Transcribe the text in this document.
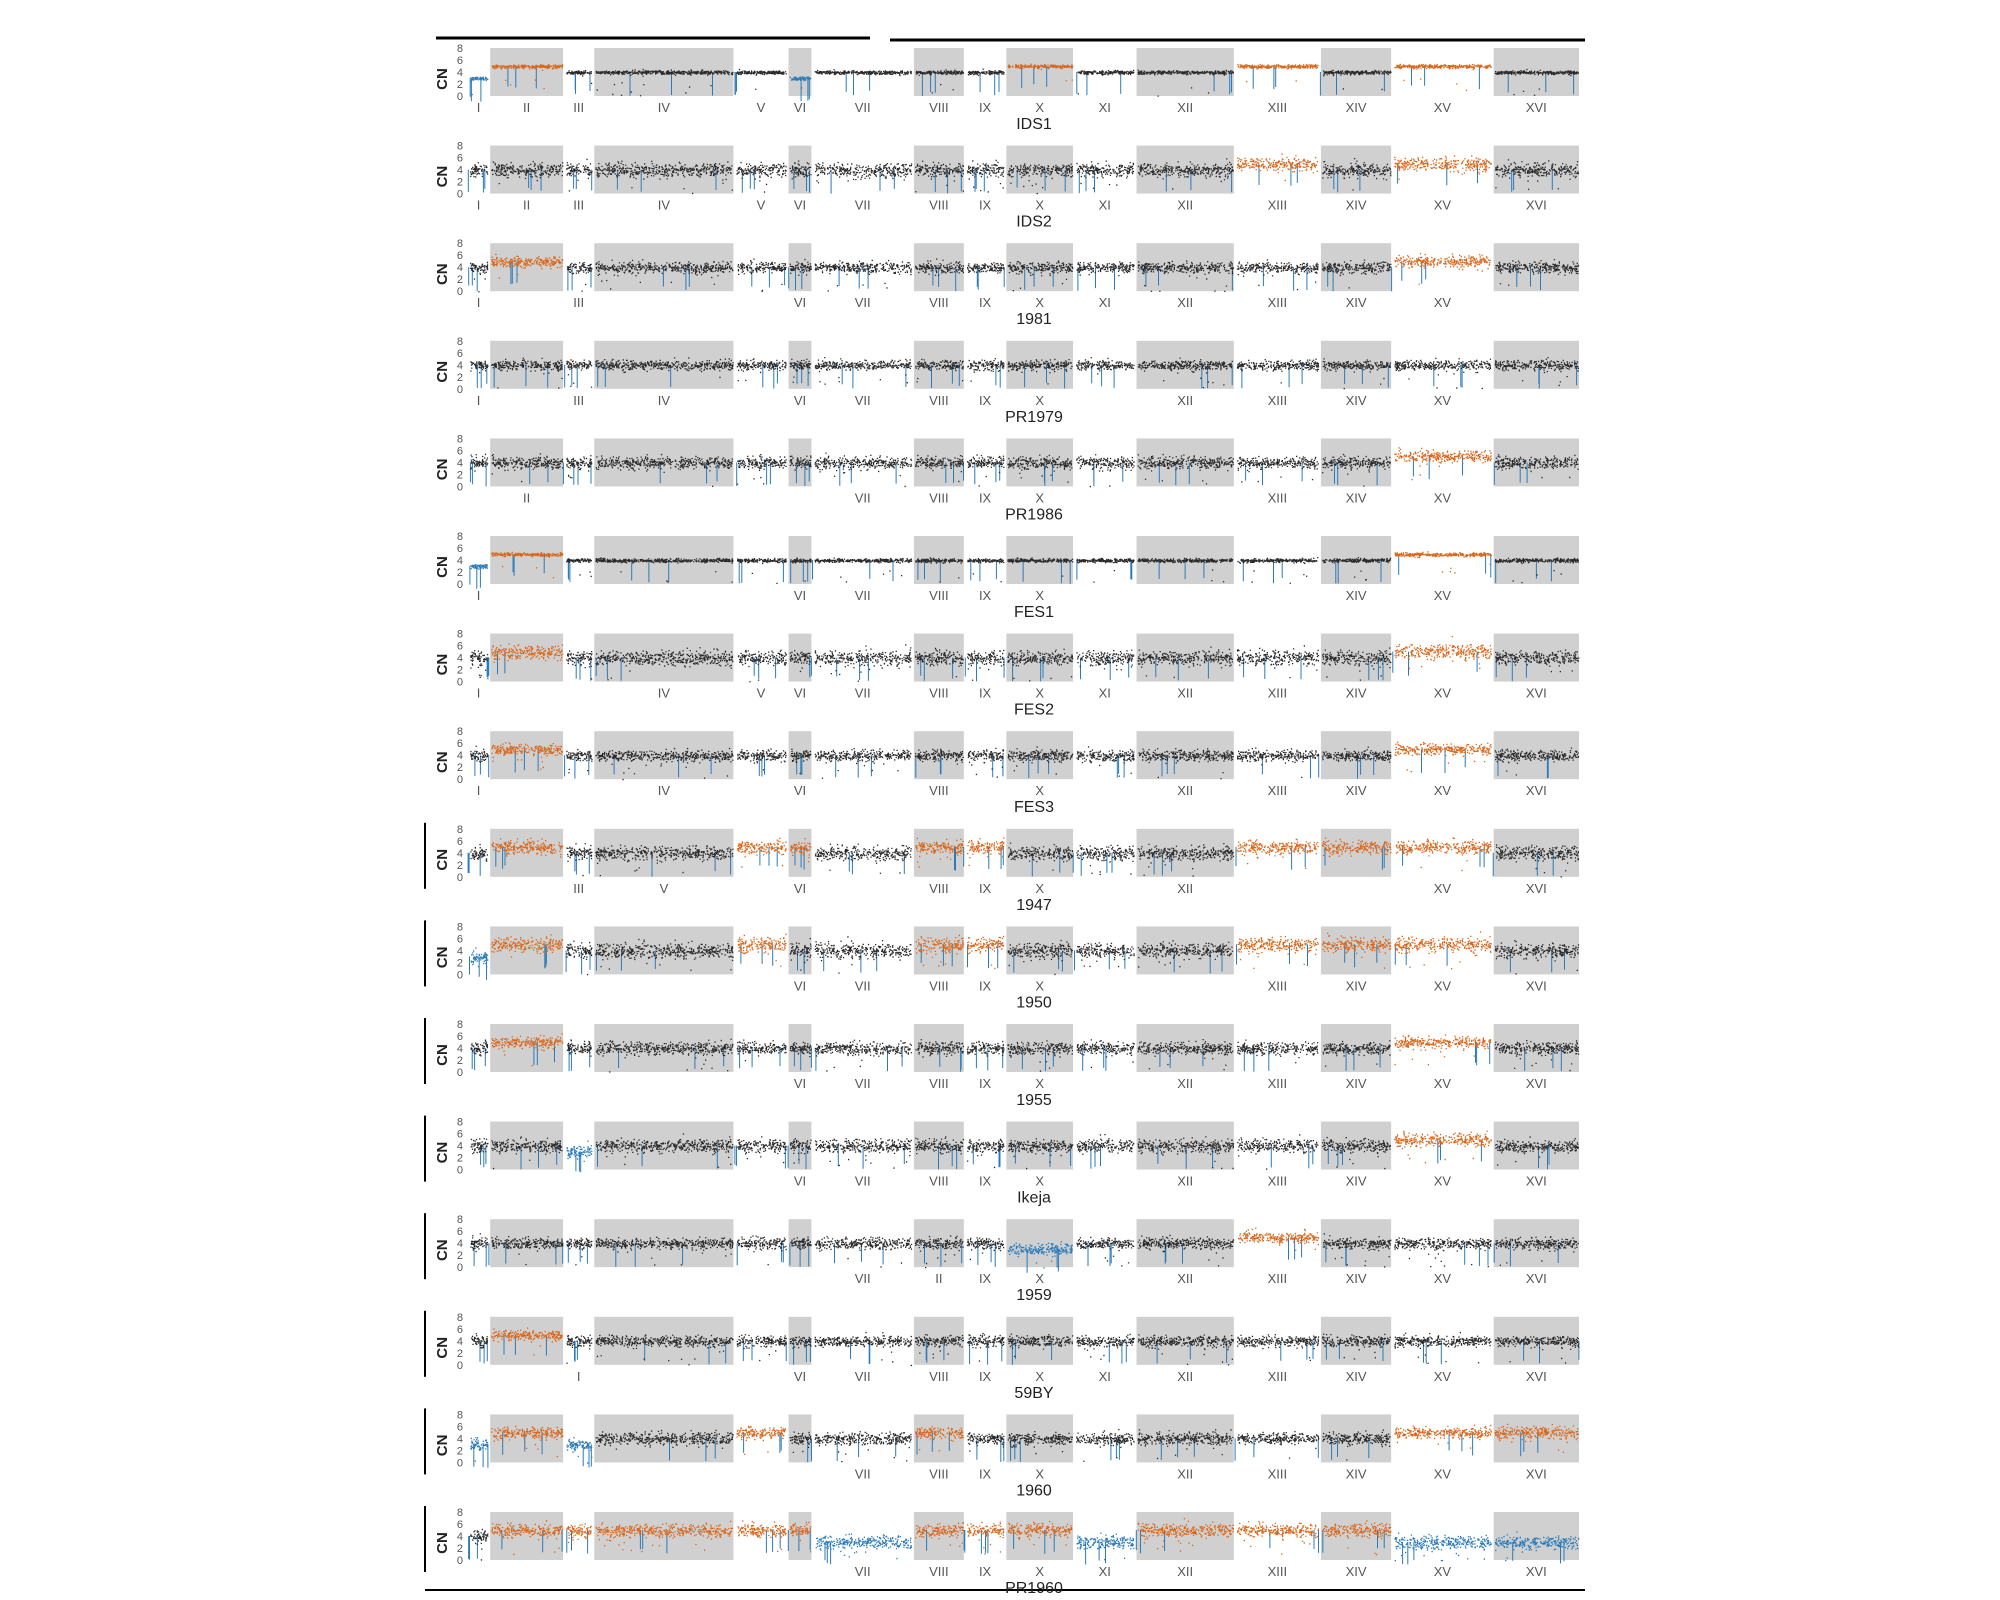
CN
0
2
4
6
8
I	II	III	IV	V VI	VII	VIII IX	X	XI	XII	XIII	XIV	XV	XVI
IDS1
CN
0
2
4
6
8
I	II	III	IV	V VI	VII	VIII IX	X	XI	XII	XIII	XIV	XV	XVI
IDS2
CN
0
2
4
6
8
I	III	VI	VII	VIII IX	X	XI	XII	XIII	XIV	XV
1981
CN
0
2
4
6
8
I	III	IV	VI	VII	VIII IX	X	XII	XIII	XIV	XV
PR1979
CN
0
2
4
6
8
II	VII	VIII IX	X	XIII	XIV	XV
PR1986
CN
0
2
4
6
8
I	VI	VII	VIII IX	X	XIV	XV
FES1
CN
0
2
4
6
8
I	IV	V VI	VII	VIII IX	X	XI	XII	XIII	XIV	XV	XVI
FES2
CN
0
2
4
6
8
I	IV	VI	VIII	X	XII	XIII	XIV	XV	XVI
FES3
CN
0
2
4
6
8
III	V	VI	VIII IX	X	XII	XV	XVI
1947
CN
0
2
4
6
8
VI	VII	VIII IX	X	XIII	XIV	XV	XVI
1950
CN
0
2
4
6
8
VI	VII	VIII IX	X	XII	XIII	XIV	XV	XVI
1955
CN
0
2
4
6
8
VI	VII	VIII IX	X	XII	XIII	XIV	XV	XVI
Ikeja
CN
0
2
4
6
8
VII	II	IX	X	XII	XIII	XIV	XV	XVI
1959
CN
0
2
4
6
8
I	VI	VII	VIII IX	X	XI	XII	XIII	XIV	XV	XVI
59BY
CN
0
2
4
6
8
VII	VIII IX	X	XII	XIII	XIV	XV	XVI
1960
CN
0
2
4
6
8
VII	VIII IX	X	XI	XII	XIII	XIV	XV	XVI
PR1960
